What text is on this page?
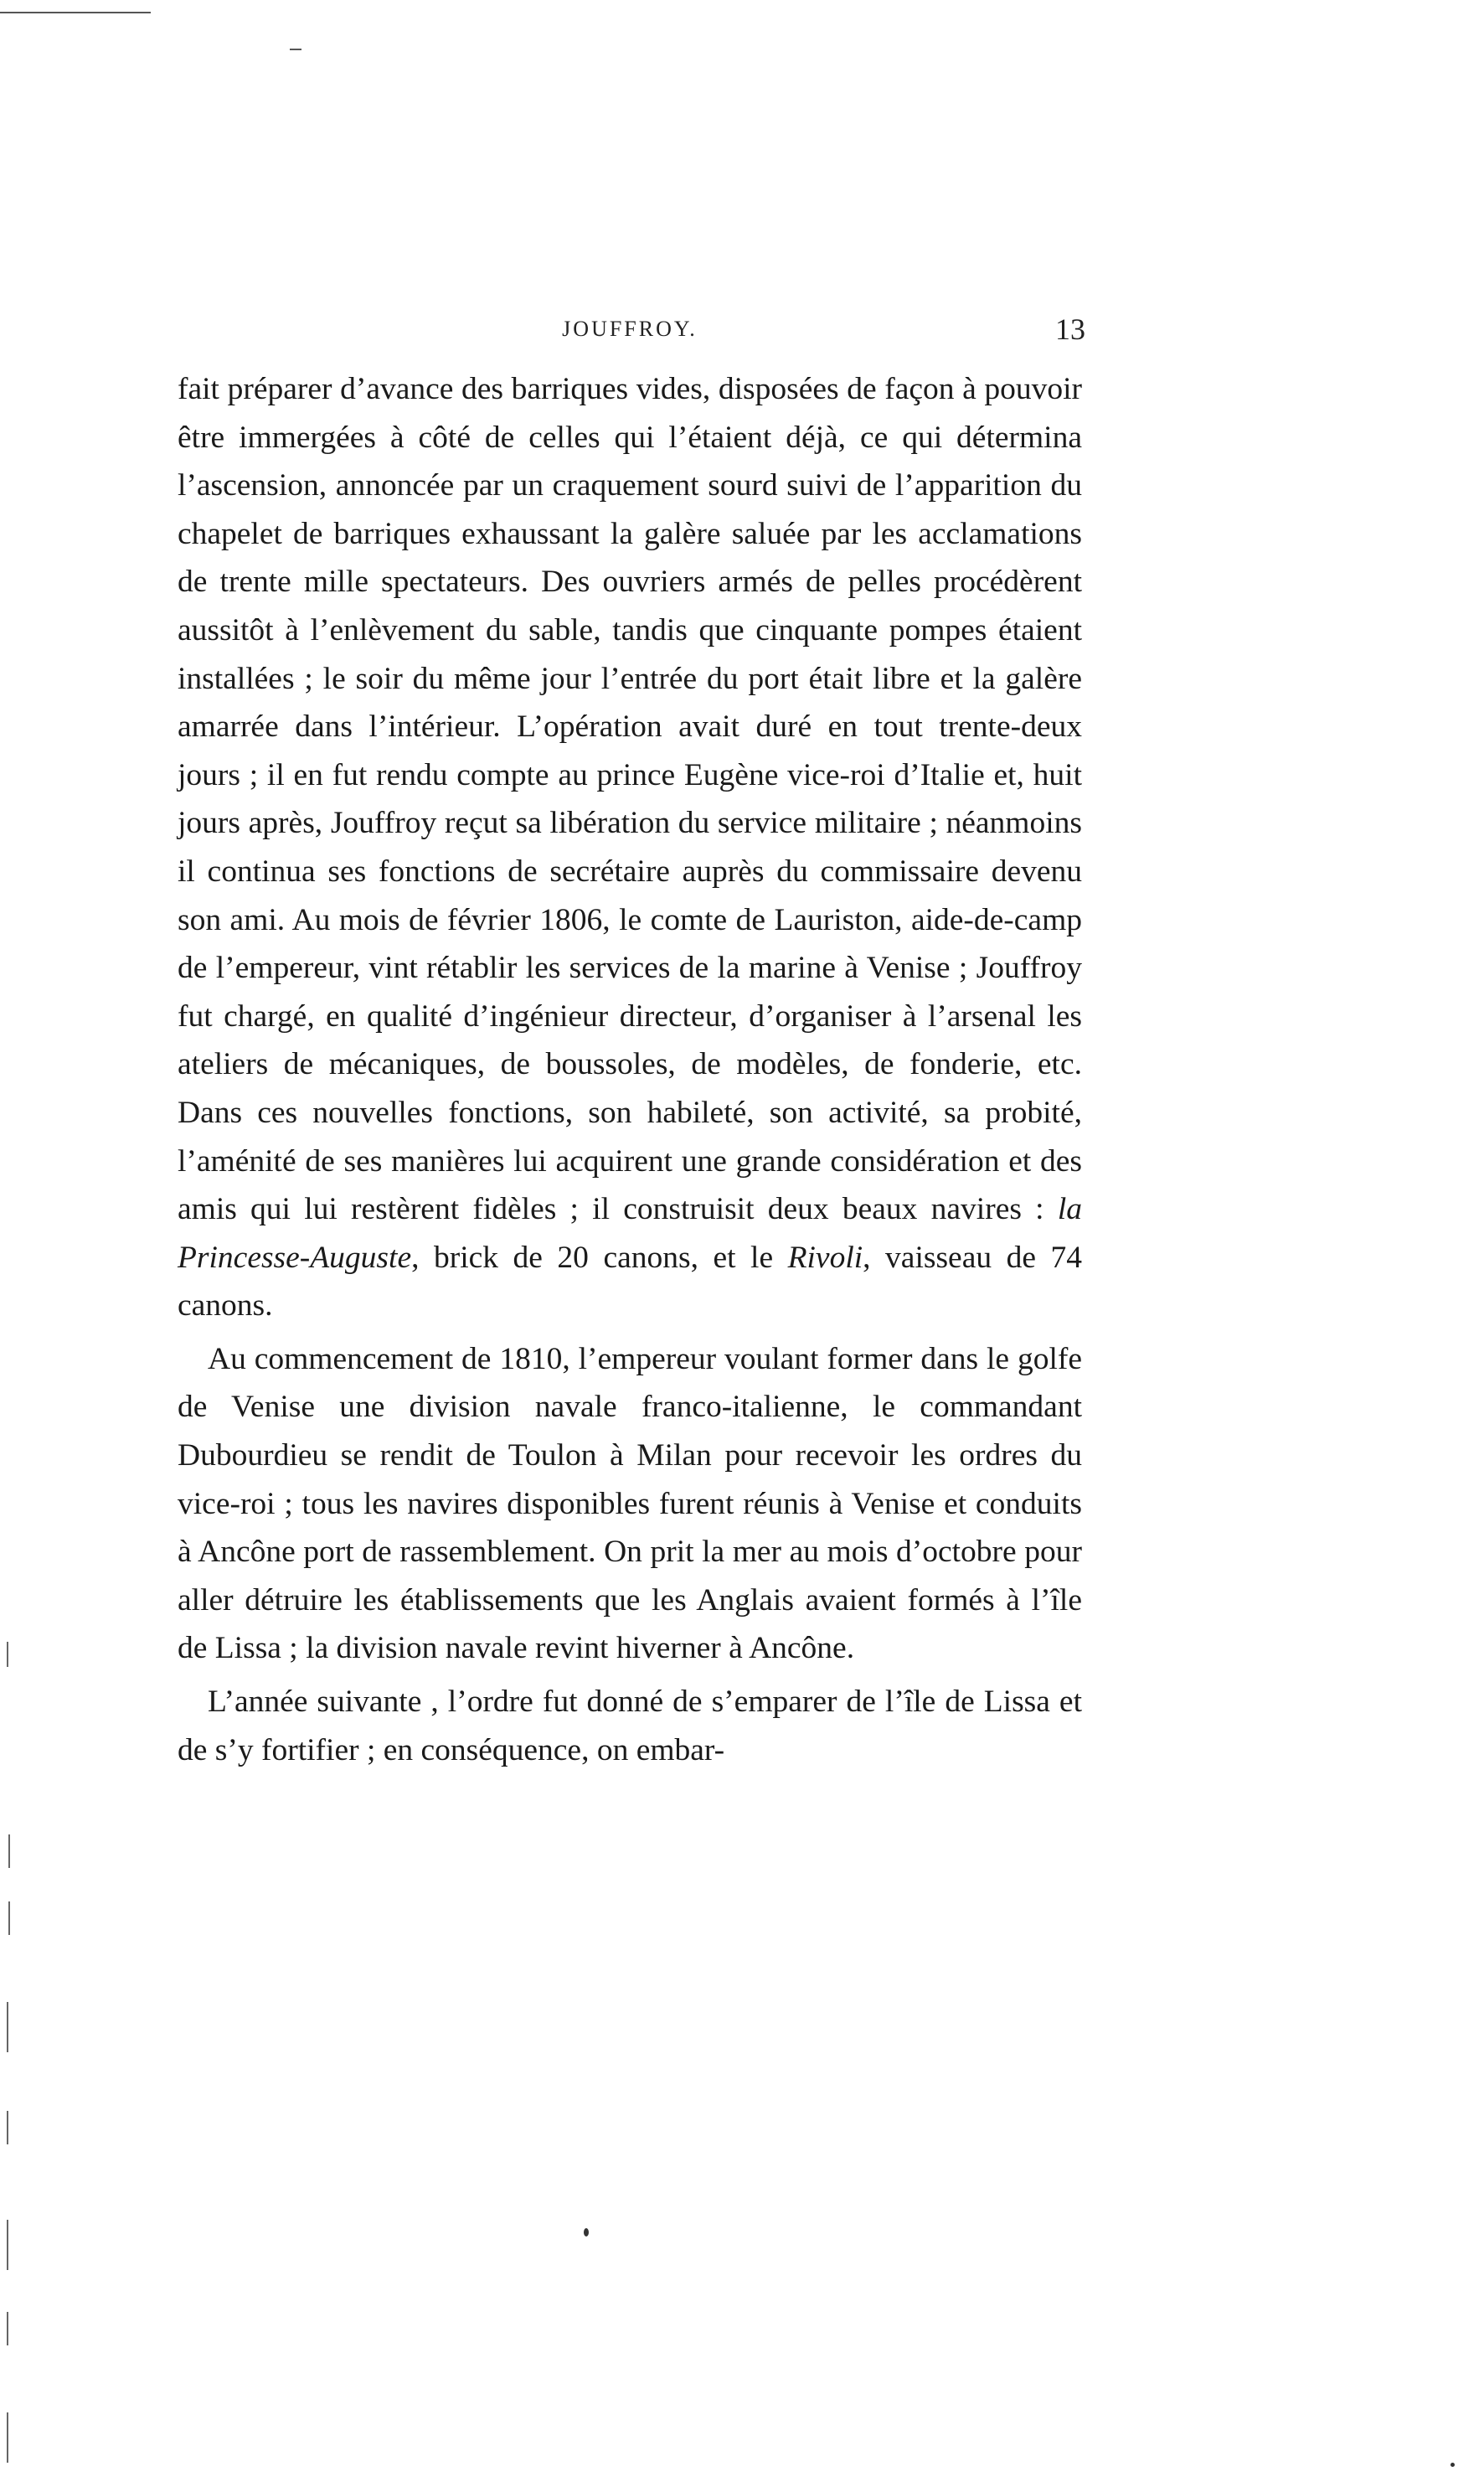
JOUFFROY.	13

fait préparer d’avance des barriques vides, disposées de façon à pouvoir être immergées à côté de celles qui l’étaient déjà, ce qui détermina l’ascension, annoncée par un craquement sourd suivi de l’apparition du chapelet de barriques exhaussant la galère saluée par les acclamations de trente mille spectateurs. Des ouvriers armés de pelles procédèrent aussitôt à l’enlèvement du sable, tandis que cinquante pompes étaient installées ; le soir du même jour l’entrée du port était libre et la galère amarrée dans l’intérieur. L’opération avait duré en tout trente-deux jours ; il en fut rendu compte au prince Eugène vice-roi d’Italie et, huit jours après, Jouffroy reçut sa libération du service militaire ; néanmoins il continua ses fonctions de secrétaire auprès du commissaire devenu son ami. Au mois de février 1806, le comte de Lauriston, aide-de-camp de l’empereur, vint rétablir les services de la marine à Venise ; Jouffroy fut chargé, en qualité d’ingénieur directeur, d’organiser à l’arsenal les ateliers de mécaniques, de boussoles, de modèles, de fonderie, etc. Dans ces nouvelles fonctions, son habileté, son activité, sa probité, l’aménité de ses manières lui acquirent une grande considération et des amis qui lui restèrent fidèles ; il construisit deux beaux navires : la Princesse-Auguste, brick de 20 canons, et le Rivoli, vaisseau de 74 canons.

Au commencement de 1810, l’empereur voulant former dans le golfe de Venise une division navale franco-italienne, le commandant Dubourdieu se rendit de Toulon à Milan pour recevoir les ordres du vice-roi ; tous les navires disponibles furent réunis à Venise et conduits à Ancône port de rassemblement. On prit la mer au mois d’octobre pour aller détruire les établissements que les Anglais avaient formés à l’île de Lissa ; la division navale revint hiverner à Ancône.

L’année suivante , l’ordre fut donné de s’emparer de l’île de Lissa et de s’y fortifier ; en conséquence, on embar-
